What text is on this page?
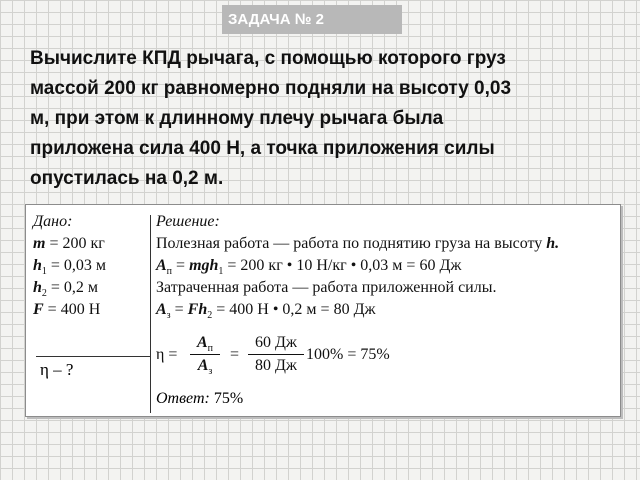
ЗАДАЧА № 2
Вычислите КПД рычага, с помощью которого груз
массой 200 кг равномерно подняли на высоту 0,03
м, при этом к длинному плечу рычага была
приложена сила 400 Н, а точка приложения силы
опустилась на 0,2 м.
Дано:
m = 200 кг
$h_1 = 0,03$ м
$h_2 = 0,2$ м
F = 400 Н
η – ?
Решение:
Полезная работа — работа по поднятию груза на высоту h.
$A_п = mgh_1 = 200$ кг • 10 Н/кг • 0,03 м = 60 Дж
Затраченная работа — работа приложенной силы.
$A_з = Fh_2 = 400$ Н • 0,2 м = 80 Дж
η =
$A_п$
$A_з$
=
60 Дж
80 Дж
100% = 75%
Ответ: 75%
